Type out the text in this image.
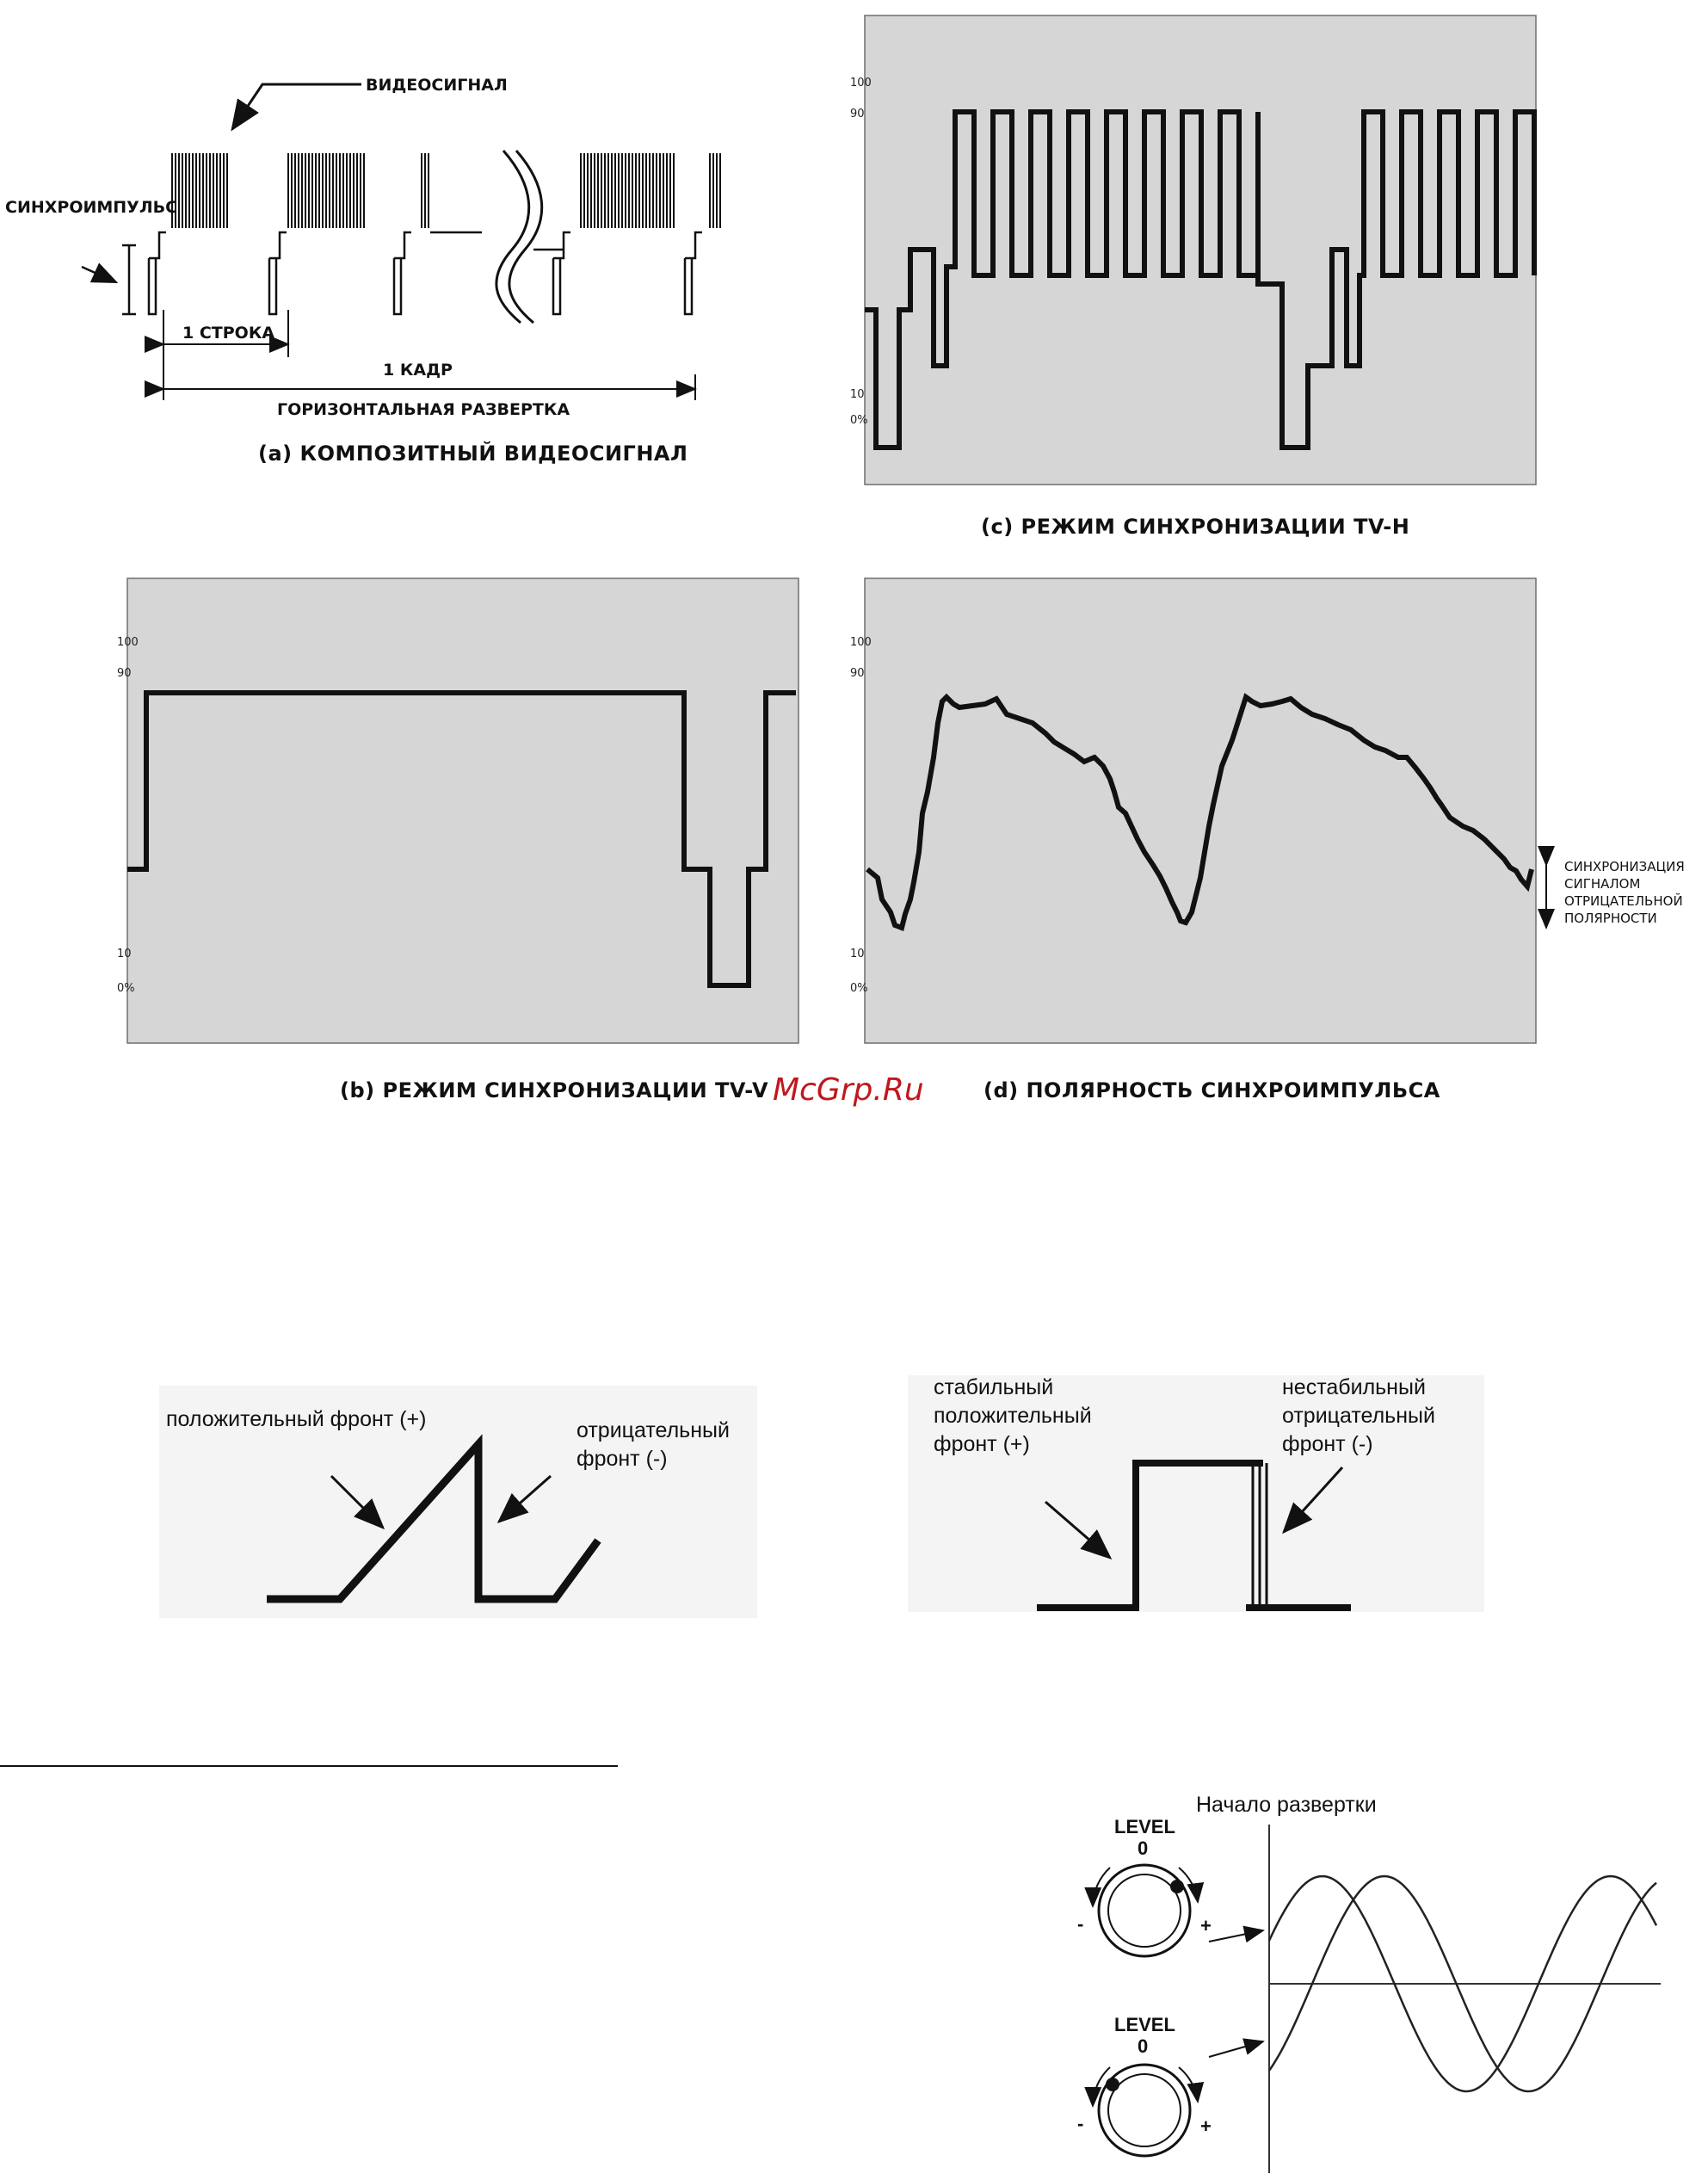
ВИДЕОСИГНАЛ
СИНХРОИМПУЛЬС
1 СТРОКА
1 КАДР
ГОРИЗОНТАЛЬНАЯ РАЗВЕРТКА
(a) КОМПОЗИТНЫЙ ВИДЕОСИГНАЛ
100
90
10
0%
(c) РЕЖИМ СИНХРОНИЗАЦИИ TV-H
100
90
10
0%
(b) РЕЖИМ СИНХРОНИЗАЦИИ TV-V McGrp.Ru
100
90
10
0%
СИНХРОНИЗАЦИЯ
СИГНАЛОМ
ОТРИЦАТЕЛЬНОЙ
ПОЛЯРНОСТИ
(d) ПОЛЯРНОСТЬ СИНХРОИМПУЛЬСА
положительный фронт (+)	отрицательный
фронт (-)
стабильный
положительный
фронт (+)
нестабильный
отрицательный
фронт (-)
Начало развертки
LEVEL
0
-	+
LEVEL
0
-	+
